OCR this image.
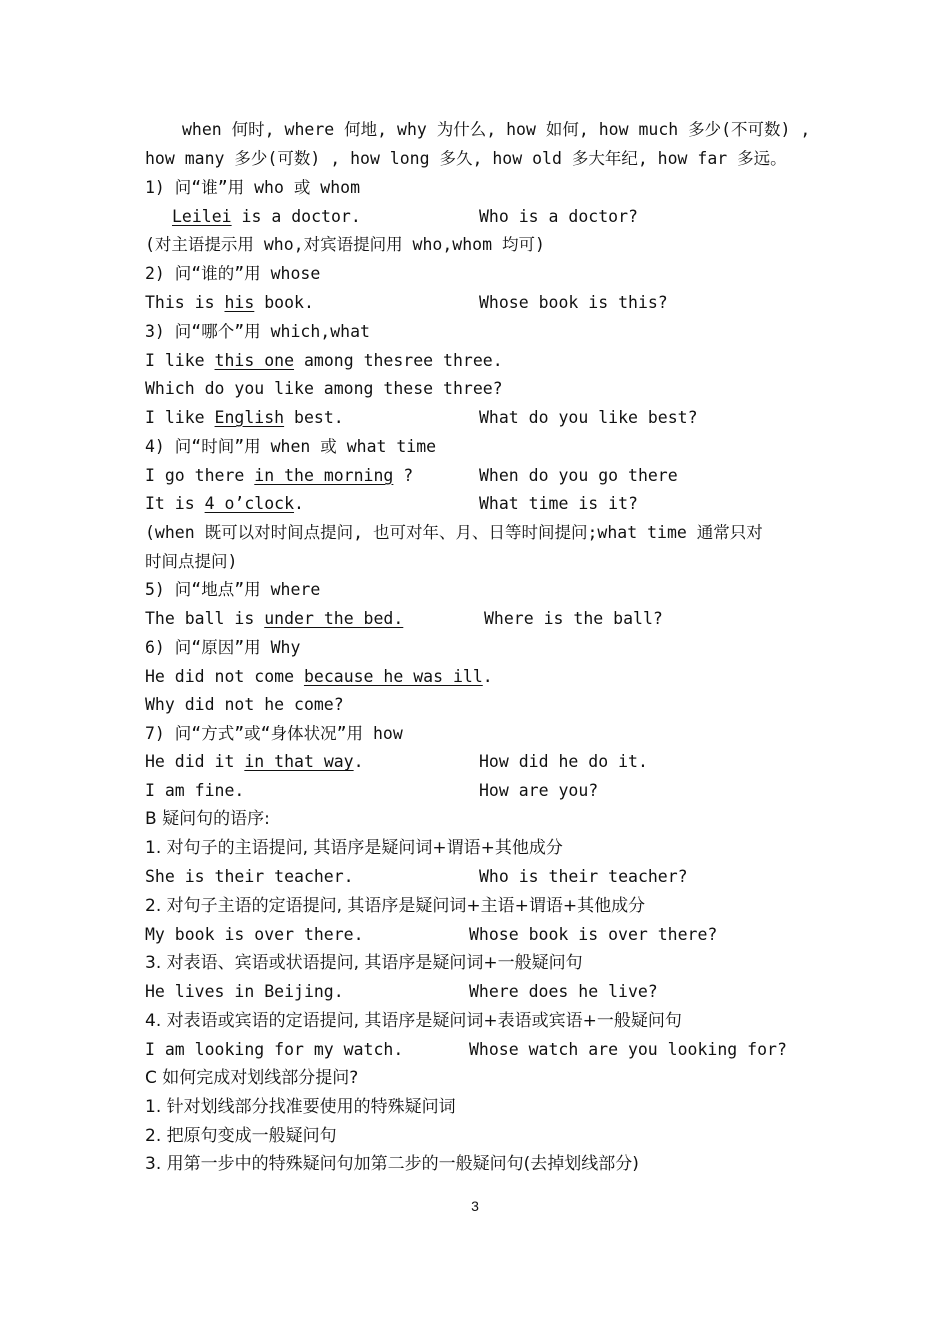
when 何时, where 何地, why 为什么, how 如何, how much 多少(不可数) ,
how many 多少(可数) , how long 多久, how old 多大年纪, how far 多远。
1) 问“谁”用 who 或 whom
Leilei is a doctor.	Who is a doctor?
(对主语提示用 who,对宾语提问用 who,whom 均可)
2) 问“谁的”用 whose
This is his book.	Whose book is this?
3) 问“哪个”用 which,what
I like this one among thesree three.
Which do you like among these three?
I like English best.	What do you like best?
4) 问“时间”用 when 或 what time
I go there in the morning ?	When do you go there
It is 4 o’clock.	What time is it?
(when 既可以对时间点提问, 也可对年、月、日等时间提问;what time 通常只对
时间点提问)
5) 问“地点”用 where
The ball is under the bed.	Where is the ball?
6) 问“原因”用 Why
He did not come because he was ill.
Why did not he come?
7) 问“方式”或“身体状况”用 how
He did it in that way.	How did he do it.
I am fine.	How are you?
B 疑问句的语序:
1. 对句子的主语提问, 其语序是疑问词+谓语+其他成分
She is their teacher.	Who is their teacher?
2. 对句子主语的定语提问, 其语序是疑问词+主语+谓语+其他成分
My book is over there.	Whose book is over there?
3. 对表语、宾语或状语提问, 其语序是疑问词+一般疑问句
He lives in Beijing.	Where does he live?
4. 对表语或宾语的定语提问, 其语序是疑问词+表语或宾语+一般疑问句
I am looking for my watch.	Whose watch are you looking for?
C 如何完成对划线部分提问?
1. 针对划线部分找准要使用的特殊疑问词
2. 把原句变成一般疑问句
3. 用第一步中的特殊疑问句加第二步的一般疑问句(去掉划线部分)
3
